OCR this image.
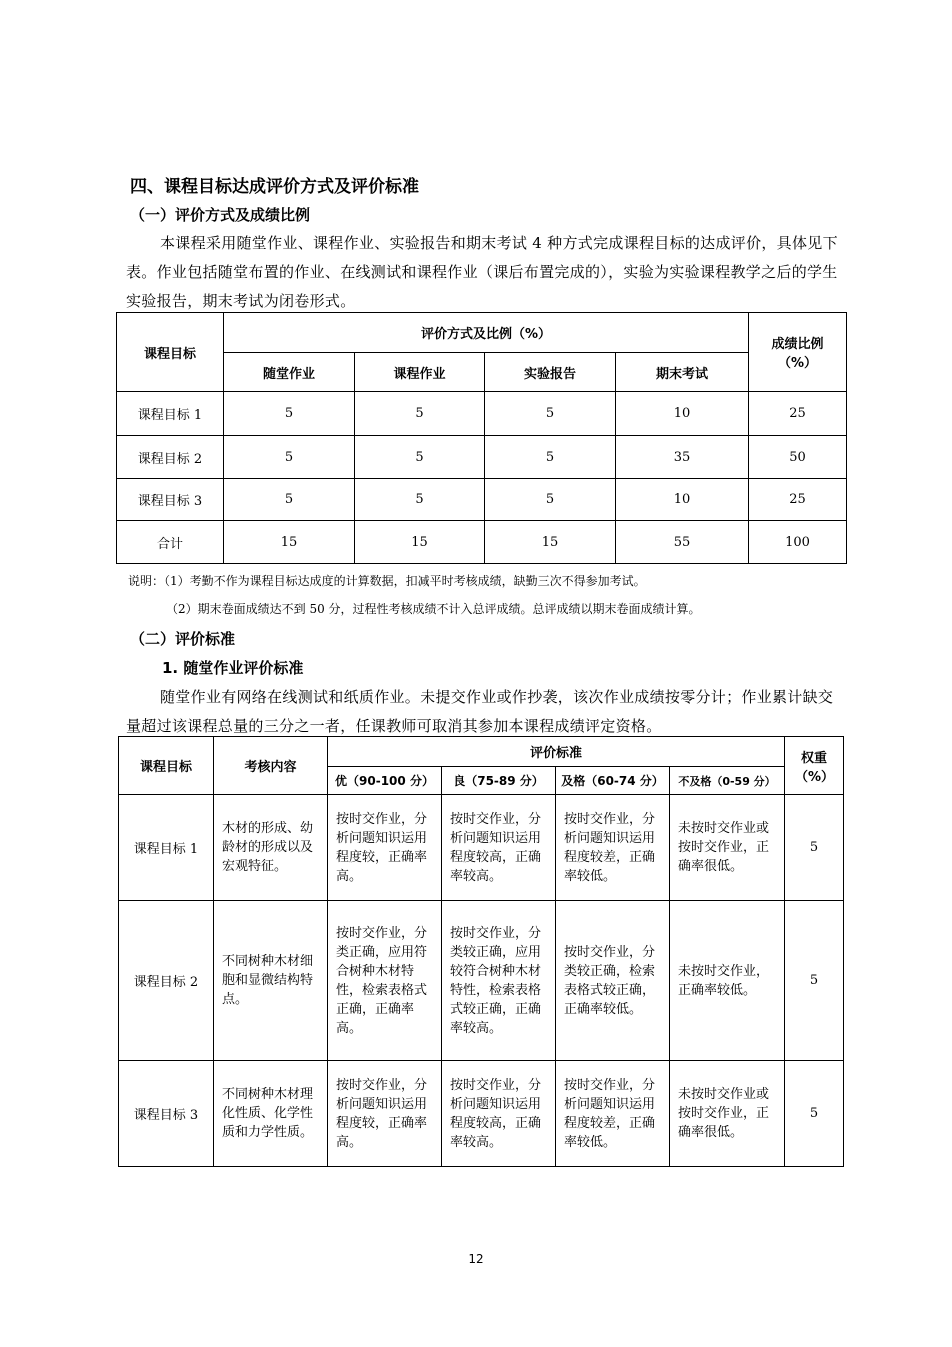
四、课程目标达成评价方式及评价标准
（一）评价方式及成绩比例
本课程采用随堂作业、课程作业、实验报告和期末考试 4 种方式完成课程目标的达成评价，具体见下表。作业包括随堂布置的作业、在线测试和课程作业（课后布置完成的），实验为实验课程教学之后的学生实验报告，期末考试为闭卷形式。
课程目标	评价方式及比例（%）				成绩比例（%）
	随堂作业	课程作业	实验报告	期末考试	
课程目标 1	5	5	5	10	25
课程目标 2	5	5	5	35	50
课程目标 3	5	5	5	10	25
合计	15	15	15	55	100
说明：（1）考勤不作为课程目标达成度的计算数据，扣减平时考核成绩，缺勤三次不得参加考试。
（2）期末卷面成绩达不到 50 分，过程性考核成绩不计入总评成绩。总评成绩以期末卷面成绩计算。
（二）评价标准
1. 随堂作业评价标准
随堂作业有网络在线测试和纸质作业。未提交作业或作抄袭，该次作业成绩按零分计；作业累计缺交量超过该课程总量的三分之一者，任课教师可取消其参加本课程成绩评定资格。
课程目标	考核内容	评价标准				权重（%）
		优（90-100 分）	良（75-89 分）	及格（60-74 分）	不及格（0-59 分）	
课程目标 1	木材的形成、幼龄材的形成以及宏观特征。	按时交作业，分析问题知识运用程度较，正确率高。	按时交作业，分析问题知识运用程度较高，正确率较高。	按时交作业，分析问题知识运用程度较差，正确率较低。	未按时交作业或按时交作业，正确率很低。	5
课程目标 2	不同树种木材细胞和显微结构特点。	按时交作业，分类正确，应用符合树种木材特性，检索表格式正确，正确率高。	按时交作业，分类较正确，应用较符合树种木材特性，检索表格式较正确，正确率较高。	按时交作业，分类较正确，检索表格式较正确，正确率较低。	未按时交作业，正确率较低。	5
课程目标 3	不同树种木材理化性质、化学性质和力学性质。	按时交作业，分析问题知识运用程度较，正确率高。	按时交作业，分析问题知识运用程度较高，正确率较高。	按时交作业，分析问题知识运用程度较差，正确率较低。	未按时交作业或按时交作业，正确率很低。	5
12
